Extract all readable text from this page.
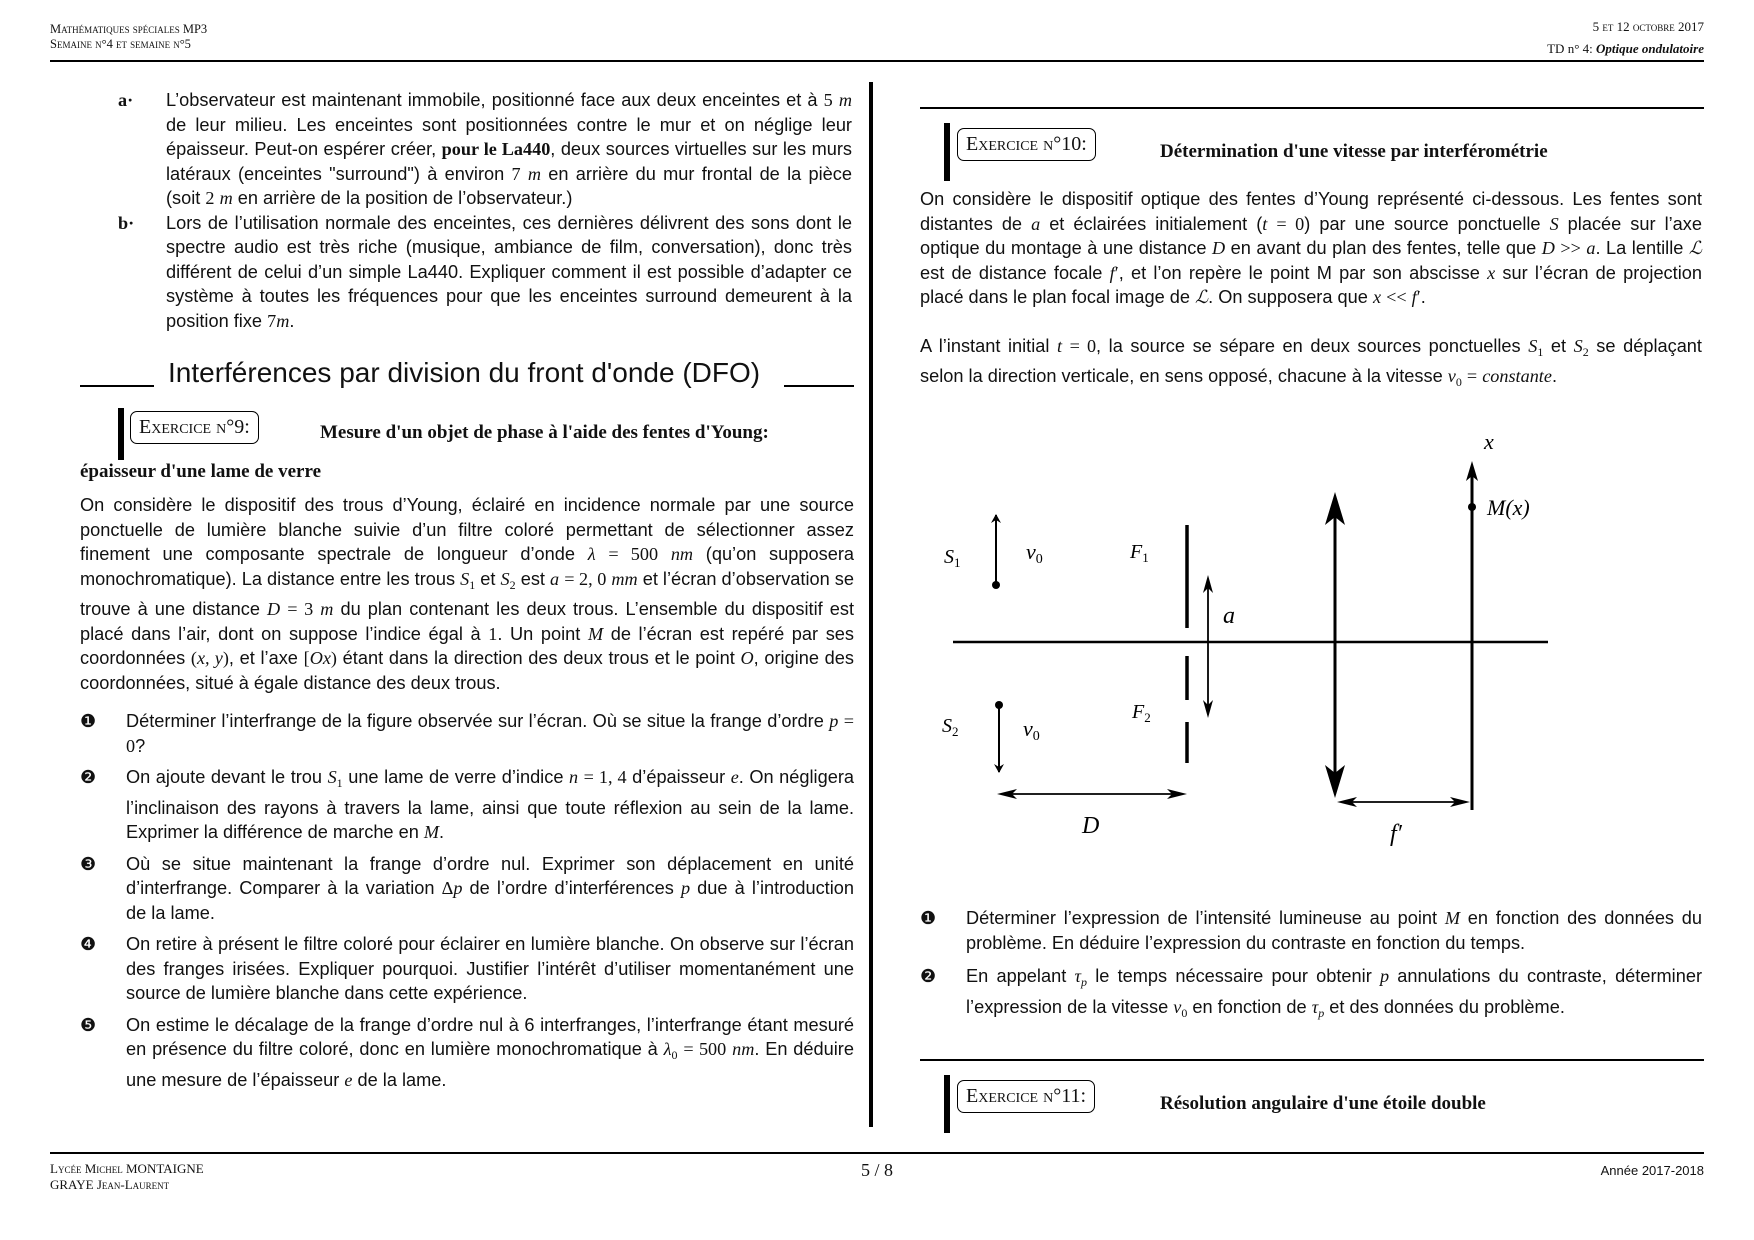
Mathématiques spéciales MP3
Semaine n°4 et semaine n°5
5 et 12 octobre 2017
TD n° 4: Optique ondulatoire
a· L’observateur est maintenant immobile, positionné face aux deux enceintes et à 5 m de leur milieu. Les enceintes sont positionnées contre le mur et on néglige leur épaisseur. Peut-on espérer créer, pour le La440, deux sources virtuelles sur les murs latéraux (enceintes "surround") à environ 7 m en arrière du mur frontal de la pièce (soit 2 m en arrière de la position de l’observateur.)

b· Lors de l’utilisation normale des enceintes, ces dernières délivrent des sons dont le spectre audio est très riche (musique, ambiance de film, conversation), donc très différent de celui d’un simple La440. Expliquer comment il est possible d’adapter ce système à toutes les fréquences pour que les enceintes surround demeurent à la position fixe 7m.

Interférences par division du front d'onde (DFO)
Exercice n°9:	Mesure d'un objet de phase à l'aide des fentes d'Young:
épaisseur d'une lame de verre

On considère le dispositif des trous d’Young, éclairé en incidence normale par une source ponctuelle de lumière blanche suivie d’un filtre coloré permettant de sélectionner assez finement une composante spectrale de longueur d’onde λ = 500 nm (qu’on supposera monochromatique). La distance entre les trous $S_1$ et $S_2$ est a = 2, 0 mm et l’écran d’observation se trouve à une distance D = 3 m du plan contenant les deux trous. L’ensemble du dispositif est placé dans l’air, dont on suppose l’indice égal à 1. Un point M de l’écran est repéré par ses coordonnées (x, y), et l’axe [Ox) étant dans la direction des deux trous et le point O, origine des coordonnées, situé à égale distance des deux trous.

❶ Déterminer l’interfrange de la figure observée sur l’écran. Où se situe la frange d’ordre p = 0?

❷ On ajoute devant le trou $S_1$ une lame de verre d’indice n = 1, 4 d’épaisseur e. On négligera l’inclinaison des rayons à travers la lame, ainsi que toute réflexion au sein de la lame. Exprimer la différence de marche en M.

❸ Où se situe maintenant la frange d’ordre nul. Exprimer son déplacement en unité d’interfrange. Comparer à la variation Δp de l’ordre d’interférences p due à l’introduction de la lame.

❹ On retire à présent le filtre coloré pour éclairer en lumière blanche. On observe sur l’écran des franges irisées. Expliquer pourquoi. Justifier l’intérêt d’utiliser momentanément une source de lumière blanche dans cette expérience.

❺ On estime le décalage de la frange d’ordre nul à 6 interfranges, l’interfrange étant mesuré en présence du filtre coloré, donc en lumière monochromatique à $\lambda_0 = 500$ nm. En déduire une mesure de l’épaisseur e de la lame.

Exercice n°10:	Détermination d'une vitesse par interférométrie

On considère le dispositif optique des fentes d’Young représenté ci-dessous. Les fentes sont distantes de a et éclairées initialement (t = 0) par une source ponctuelle S placée sur l’axe optique du montage à une distance D en avant du plan des fentes, telle que D >> a. La lentille ℒ est de distance focale f′, et l’on repère le point M par son abscisse x sur l’écran de projection placé dans le plan focal image de ℒ. On supposera que x << f′.

A l’instant initial t = 0, la source se sépare en deux sources ponctuelles $S_1$ et $S_2$ se déplaçant selon la direction verticale, en sens opposé, chacune à la vitesse $v_0$ = constante.

$S_1$	v0
$S_2$	v0
$F_1$
$F_2$
a
x
M(x)
D	f′
❶ Déterminer l’expression de l’intensité lumineuse au point M en fonction des données du problème. En déduire l’expression du contraste en fonction du temps.

❷ En appelant $\tau_p$ le temps nécessaire pour obtenir p annulations du contraste, déterminer l’expression de la vitesse $v_0$ en fonction de $\tau_p$ et des données du problème.

Exercice n°11:	Résolution angulaire d'une étoile double
Lycée Michel MONTAIGNE
GRAYE Jean-Laurent
5 / 8	Année 2017-2018
